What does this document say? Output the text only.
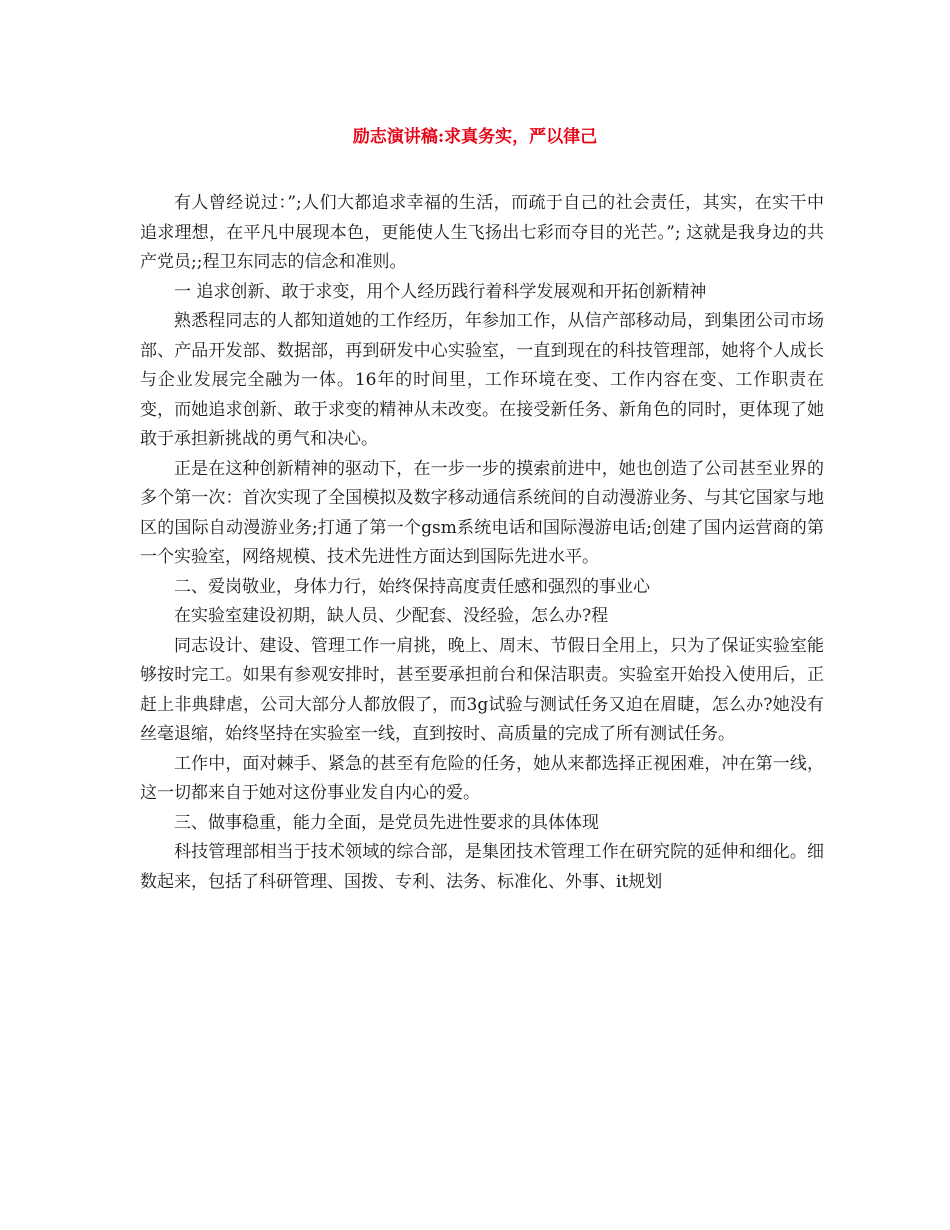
励志演讲稿:求真务实，严以律己

有人曾经说过：”;人们大都追求幸福的生活，而疏于自己的社会责任，其实，在实干中追求理想，在平凡中展现本色，更能使人生飞扬出七彩而夺目的光芒。”; 这就是我身边的共产党员;;程卫东同志的信念和准则。

一 追求创新、敢于求变，用个人经历践行着科学发展观和开拓创新精神

熟悉程同志的人都知道她的工作经历，年参加工作，从信产部移动局，到集团公司市场部、产品开发部、数据部，再到研发中心实验室，一直到现在的科技管理部，她将个人成长与企业发展完全融为一体。16年的时间里，工作环境在变、工作内容在变、工作职责在变，而她追求创新、敢于求变的精神从未改变。在接受新任务、新角色的同时，更体现了她敢于承担新挑战的勇气和决心。

正是在这种创新精神的驱动下，在一步一步的摸索前进中，她也创造了公司甚至业界的多个第一次：首次实现了全国模拟及数字移动通信系统间的自动漫游业务、与其它国家与地区的国际自动漫游业务;打通了第一个gsm系统电话和国际漫游电话;创建了国内运营商的第一个实验室，网络规模、技术先进性方面达到国际先进水平。

二、爱岗敬业，身体力行，始终保持高度责任感和强烈的事业心

在实验室建设初期，缺人员、少配套、没经验，怎么办?程

同志设计、建设、管理工作一肩挑，晚上、周末、节假日全用上，只为了保证实验室能够按时完工。如果有参观安排时，甚至要承担前台和保洁职责。实验室开始投入使用后，正赶上非典肆虐，公司大部分人都放假了，而3g试验与测试任务又迫在眉睫，怎么办?她没有丝毫退缩，始终坚持在实验室一线，直到按时、高质量的完成了所有测试任务。

工作中，面对棘手、紧急的甚至有危险的任务，她从来都选择正视困难，冲在第一线，这一切都来自于她对这份事业发自内心的爱。

三、做事稳重，能力全面，是党员先进性要求的具体体现

科技管理部相当于技术领域的综合部，是集团技术管理工作在研究院的延伸和细化。细数起来，包括了科研管理、国拨、专利、法务、标准化、外事、it规划
